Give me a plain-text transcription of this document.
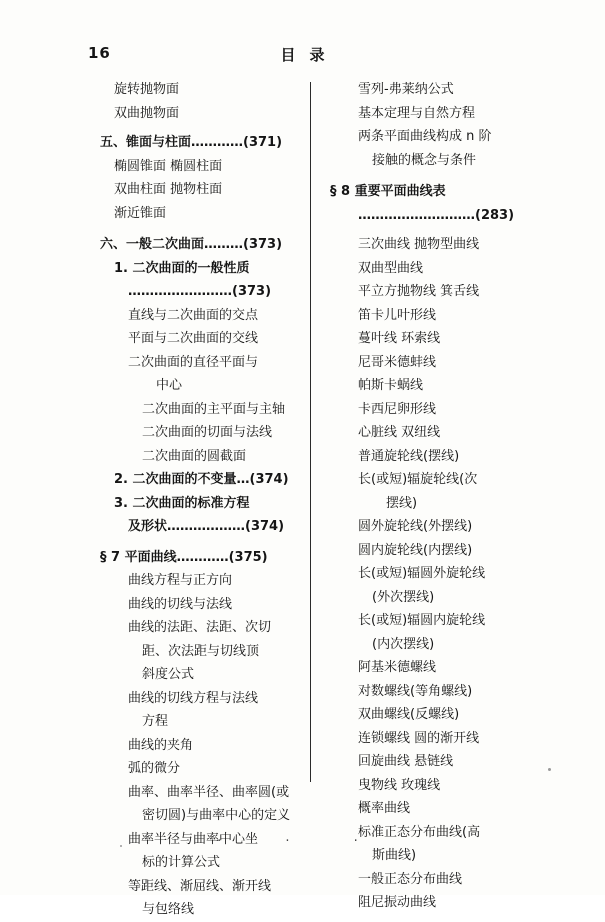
16	目录
旋转抛物面
双曲抛物面
五、锥面与柱面…………(371)
椭圆锥面 椭圆柱面
双曲柱面 抛物柱面
渐近锥面
六、一般二次曲面………(373)
1. 二次曲面的一般性质
……………………(373)
直线与二次曲面的交点
平面与二次曲面的交线
二次曲面的直径平面与
中心
二次曲面的主平面与主轴
二次曲面的切面与法线
二次曲面的圆截面
2. 二次曲面的不变量…(374)
3. 二次曲面的标准方程
及形状………………(374)
§ 7 平面曲线…………(375)
曲线方程与正方向
曲线的切线与法线
曲线的法距、法距、次切
距、次法距与切线顶
斜度公式
曲线的切线方程与法线
方程
曲线的夹角
弧的微分
曲率、曲率半径、曲率圆(或
密切圆)与曲率中心的定义
曲率半径与曲率中心坐
标的计算公式
等距线、渐屈线、渐开线
与包络线
雪列-弗莱纳公式
基本定理与自然方程
两条平面曲线构成 n 阶
接触的概念与条件
§ 8 重要平面曲线表
………………………(283)
三次曲线 抛物型曲线
双曲型曲线
平立方抛物线 箕舌线
笛卡儿叶形线
蔓叶线 环索线
尼哥米德蚌线
帕斯卡蜗线
卡西尼卵形线
心脏线 双纽线
普通旋轮线(摆线)
长(或短)辐旋轮线(次
摆线)
圆外旋轮线(外摆线)
圆内旋轮线(内摆线)
长(或短)辐圆外旋轮线
(外次摆线)
长(或短)辐圆内旋轮线
(内次摆线)
阿基米德螺线
对数螺线(等角螺线)
双曲螺线(反螺线)
连锁螺线 圆的渐开线
回旋曲线 悬链线
曳物线 玫瑰线
概率曲线
标准正态分布曲线(高
斯曲线)
一般正态分布曲线
阻尼振动曲线
· · ·
